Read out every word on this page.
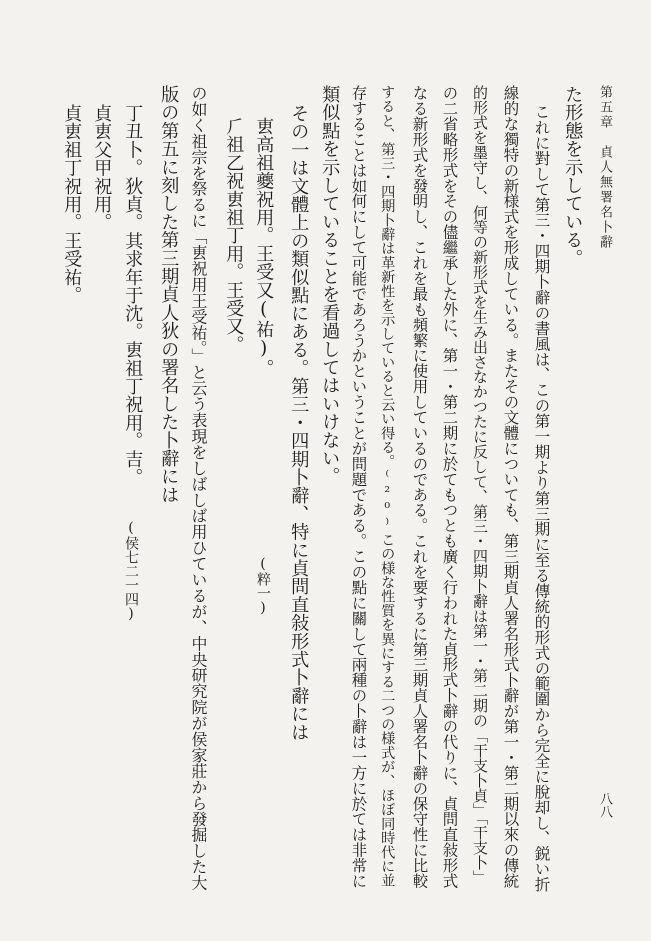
第五章　貞人無署名卜辭
八八
た形態を示している。
これに對して第三・四期卜辭の書風は、この第一期より第三期に至る傳統的形式の範圍から完全に脫却し、鋭い折
線的な獨特の新様式を形成している。またその文體についても、第三期貞人署名形式卜辭が第一・第二期以來の傳統
的形式を墨守し、何等の新形式を生み出さなかつたに反して、第三・四期卜辭は第一・第二期の「干支卜貞」「干支卜」
の二省略形式をその儘繼承した外に、第一・第二期に於てもつとも廣く行われた貞形式卜辭の代りに、貞問直敍形式
なる新形式を發明し、これを最も頻繁に使用しているのである。これを要するに第三期貞人署名卜辭の保守性に比較
すると、第三・四期卜辭は革新性を示していると云い得る。⁽²⁰⁾この様な性質を異にする二つの様式が、ほぼ同時代に並
存することは如何にして可能であろうかということが問題である。この點に關して兩種の卜辭は一方に於ては非常に
類似點を示していることを看過してはいけない。
その一は文體上の類似點にある。第三・四期卜辭、特に貞問直敍形式卜辭には
叀高祖夔祝用。王受又(祐)。
(粹一)
⺁祖乙祝叀祖丁用。王受又。
の如く祖宗を祭るに「叀祝用王受祐。」と云う表現をしばしば用ひているが、中央研究院が侯家莊から發掘した大
版の第五に刻した第三期貞人狄の署名した卜辭には
丁丑卜。狄貞。其求年于沈。叀祖丁祝用。吉。
(侯七二一四)
貞叀父甲祝用。
貞叀祖丁祝用。王受祐。
